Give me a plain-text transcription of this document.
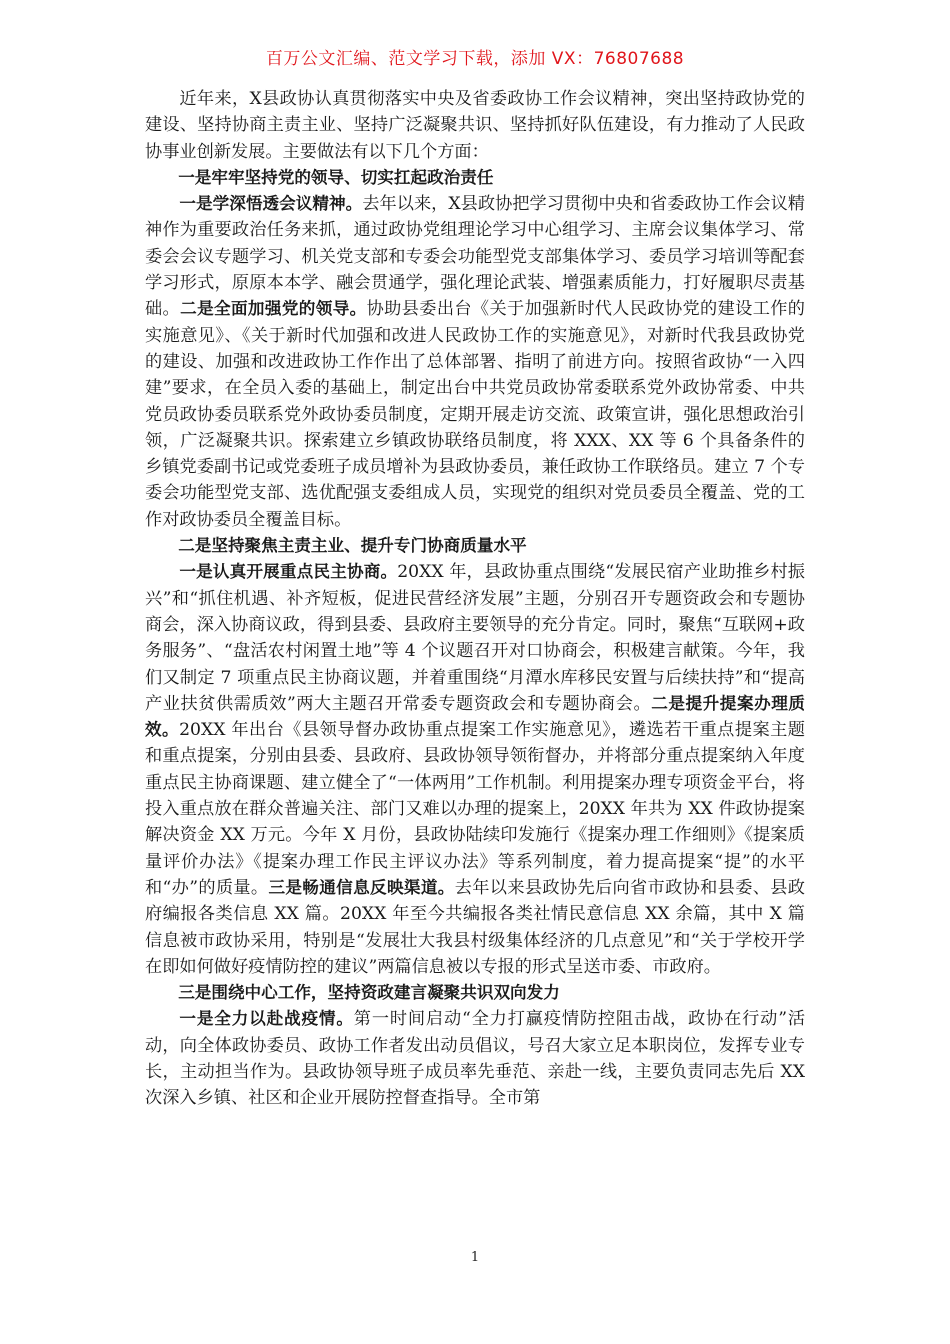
百万公文汇编、范文学习下载，添加 VX：76807688

近年来，X县政协认真贯彻落实中央及省委政协工作会议精神，突出坚持政协党的建设、坚持协商主责主业、坚持广泛凝聚共识、坚持抓好队伍建设，有力推动了人民政协事业创新发展。主要做法有以下几个方面：

一是牢牢坚持党的领导、切实扛起政治责任

一是学深悟透会议精神。去年以来，X县政协把学习贯彻中央和省委政协工作会议精神作为重要政治任务来抓，通过政协党组理论学习中心组学习、主席会议集体学习、常委会会议专题学习、机关党支部和专委会功能型党支部集体学习、委员学习培训等配套学习形式，原原本本学、融会贯通学，强化理论武装、增强素质能力，打好履职尽责基础。二是全面加强党的领导。协助县委出台《关于加强新时代人民政协党的建设工作的实施意见》、《关于新时代加强和改进人民政协工作的实施意见》，对新时代我县政协党的建设、加强和改进政协工作作出了总体部署、指明了前进方向。按照省政协“一入四建”要求，在全员入委的基础上，制定出台中共党员政协常委联系党外政协常委、中共党员政协委员联系党外政协委员制度，定期开展走访交流、政策宣讲，强化思想政治引领，广泛凝聚共识。探索建立乡镇政协联络员制度，将 XXX、XX 等 6 个具备条件的乡镇党委副书记或党委班子成员增补为县政协委员，兼任政协工作联络员。建立 7 个专委会功能型党支部、选优配强支委组成人员，实现党的组织对党员委员全覆盖、党的工作对政协委员全覆盖目标。

二是坚持聚焦主责主业、提升专门协商质量水平

一是认真开展重点民主协商。20XX 年，县政协重点围绕“发展民宿产业助推乡村振兴”和“抓住机遇、补齐短板，促进民营经济发展”主题，分别召开专题资政会和专题协商会，深入协商议政，得到县委、县政府主要领导的充分肯定。同时，聚焦“互联网+政务服务”、“盘活农村闲置土地”等 4 个议题召开对口协商会，积极建言献策。今年，我们又制定 7 项重点民主协商议题，并着重围绕“月潭水库移民安置与后续扶持”和“提高产业扶贫供需质效”两大主题召开常委专题资政会和专题协商会。二是提升提案办理质效。20XX 年出台《县领导督办政协重点提案工作实施意见》，遴选若干重点提案主题和重点提案，分别由县委、县政府、县政协领导领衔督办，并将部分重点提案纳入年度重点民主协商课题、建立健全了“一体两用”工作机制。利用提案办理专项资金平台，将投入重点放在群众普遍关注、部门又难以办理的提案上，20XX 年共为 XX 件政协提案解决资金 XX 万元。今年 X 月份，县政协陆续印发施行《提案办理工作细则》《提案质量评价办法》《提案办理工作民主评议办法》等系列制度，着力提高提案“提”的水平和“办”的质量。三是畅通信息反映渠道。去年以来县政协先后向省市政协和县委、县政府编报各类信息 XX 篇。20XX 年至今共编报各类社情民意信息 XX 余篇，其中 X 篇信息被市政协采用，特别是“发展壮大我县村级集体经济的几点意见”和“关于学校开学在即如何做好疫情防控的建议”两篇信息被以专报的形式呈送市委、市政府。

三是围绕中心工作，坚持资政建言凝聚共识双向发力

一是全力以赴战疫情。第一时间启动“全力打赢疫情防控阻击战，政协在行动”活动，向全体政协委员、政协工作者发出动员倡议，号召大家立足本职岗位，发挥专业专长，主动担当作为。县政协领导班子成员率先垂范、亲赴一线，主要负责同志先后 XX 次深入乡镇、社区和企业开展防控督查指导。全市第

1
